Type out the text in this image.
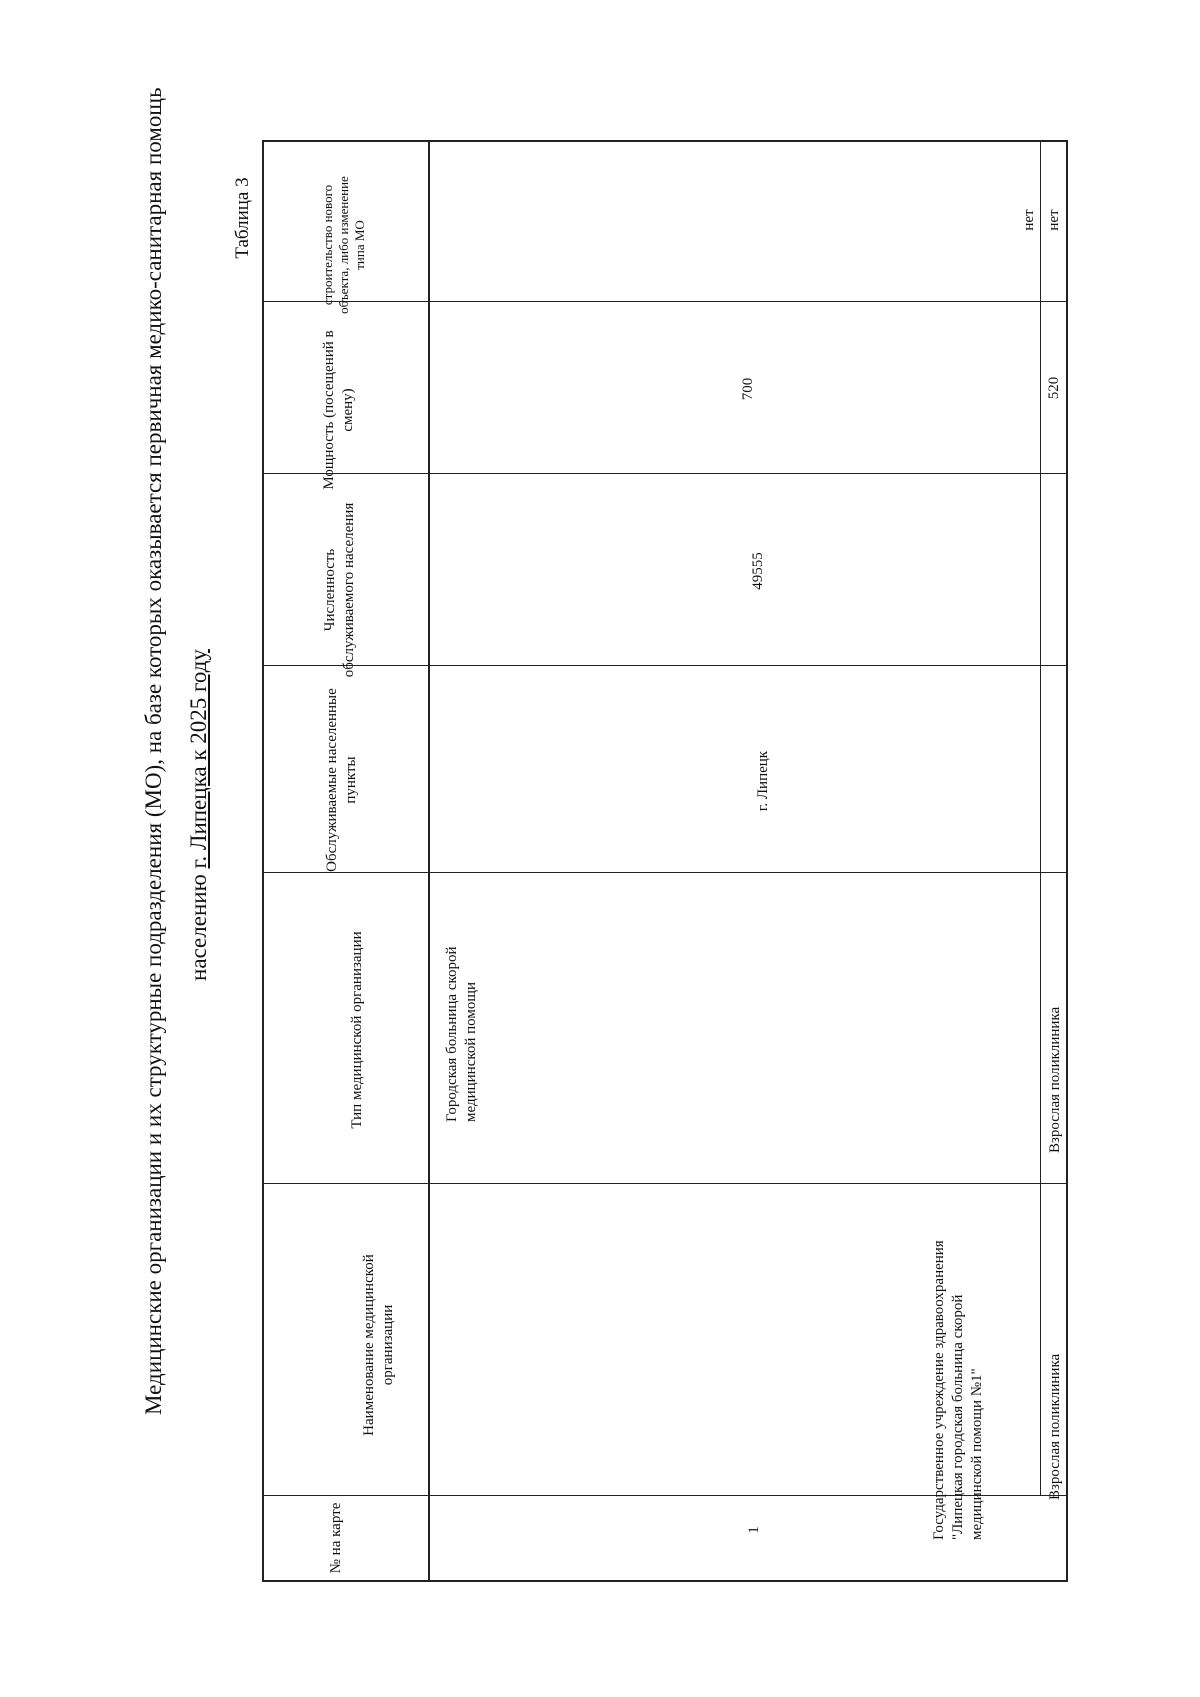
Медицинские организации и их структурные подразделения (МО), на базе которых оказывается первичная медико-санитарная помощь населению г. Липецка к 2025 году
Таблица 3
№ на карте
Наименование медицинской организации
Тип медицинской организации
Обслуживаемые населенные пункты
Численность обслуживаемого населения
Мощность (посещений в смену)
строительство нового объекта, либо изменение типа МО
1	Государственное учреждение здравоохранения "Липецкая городская больница скорой медицинской помощи №1"
Городская больница скорой медицинской помощи
г. Липецк
49555
700
нет
Взрослая поликлиника
Взрослая поликлиника
520
нет
